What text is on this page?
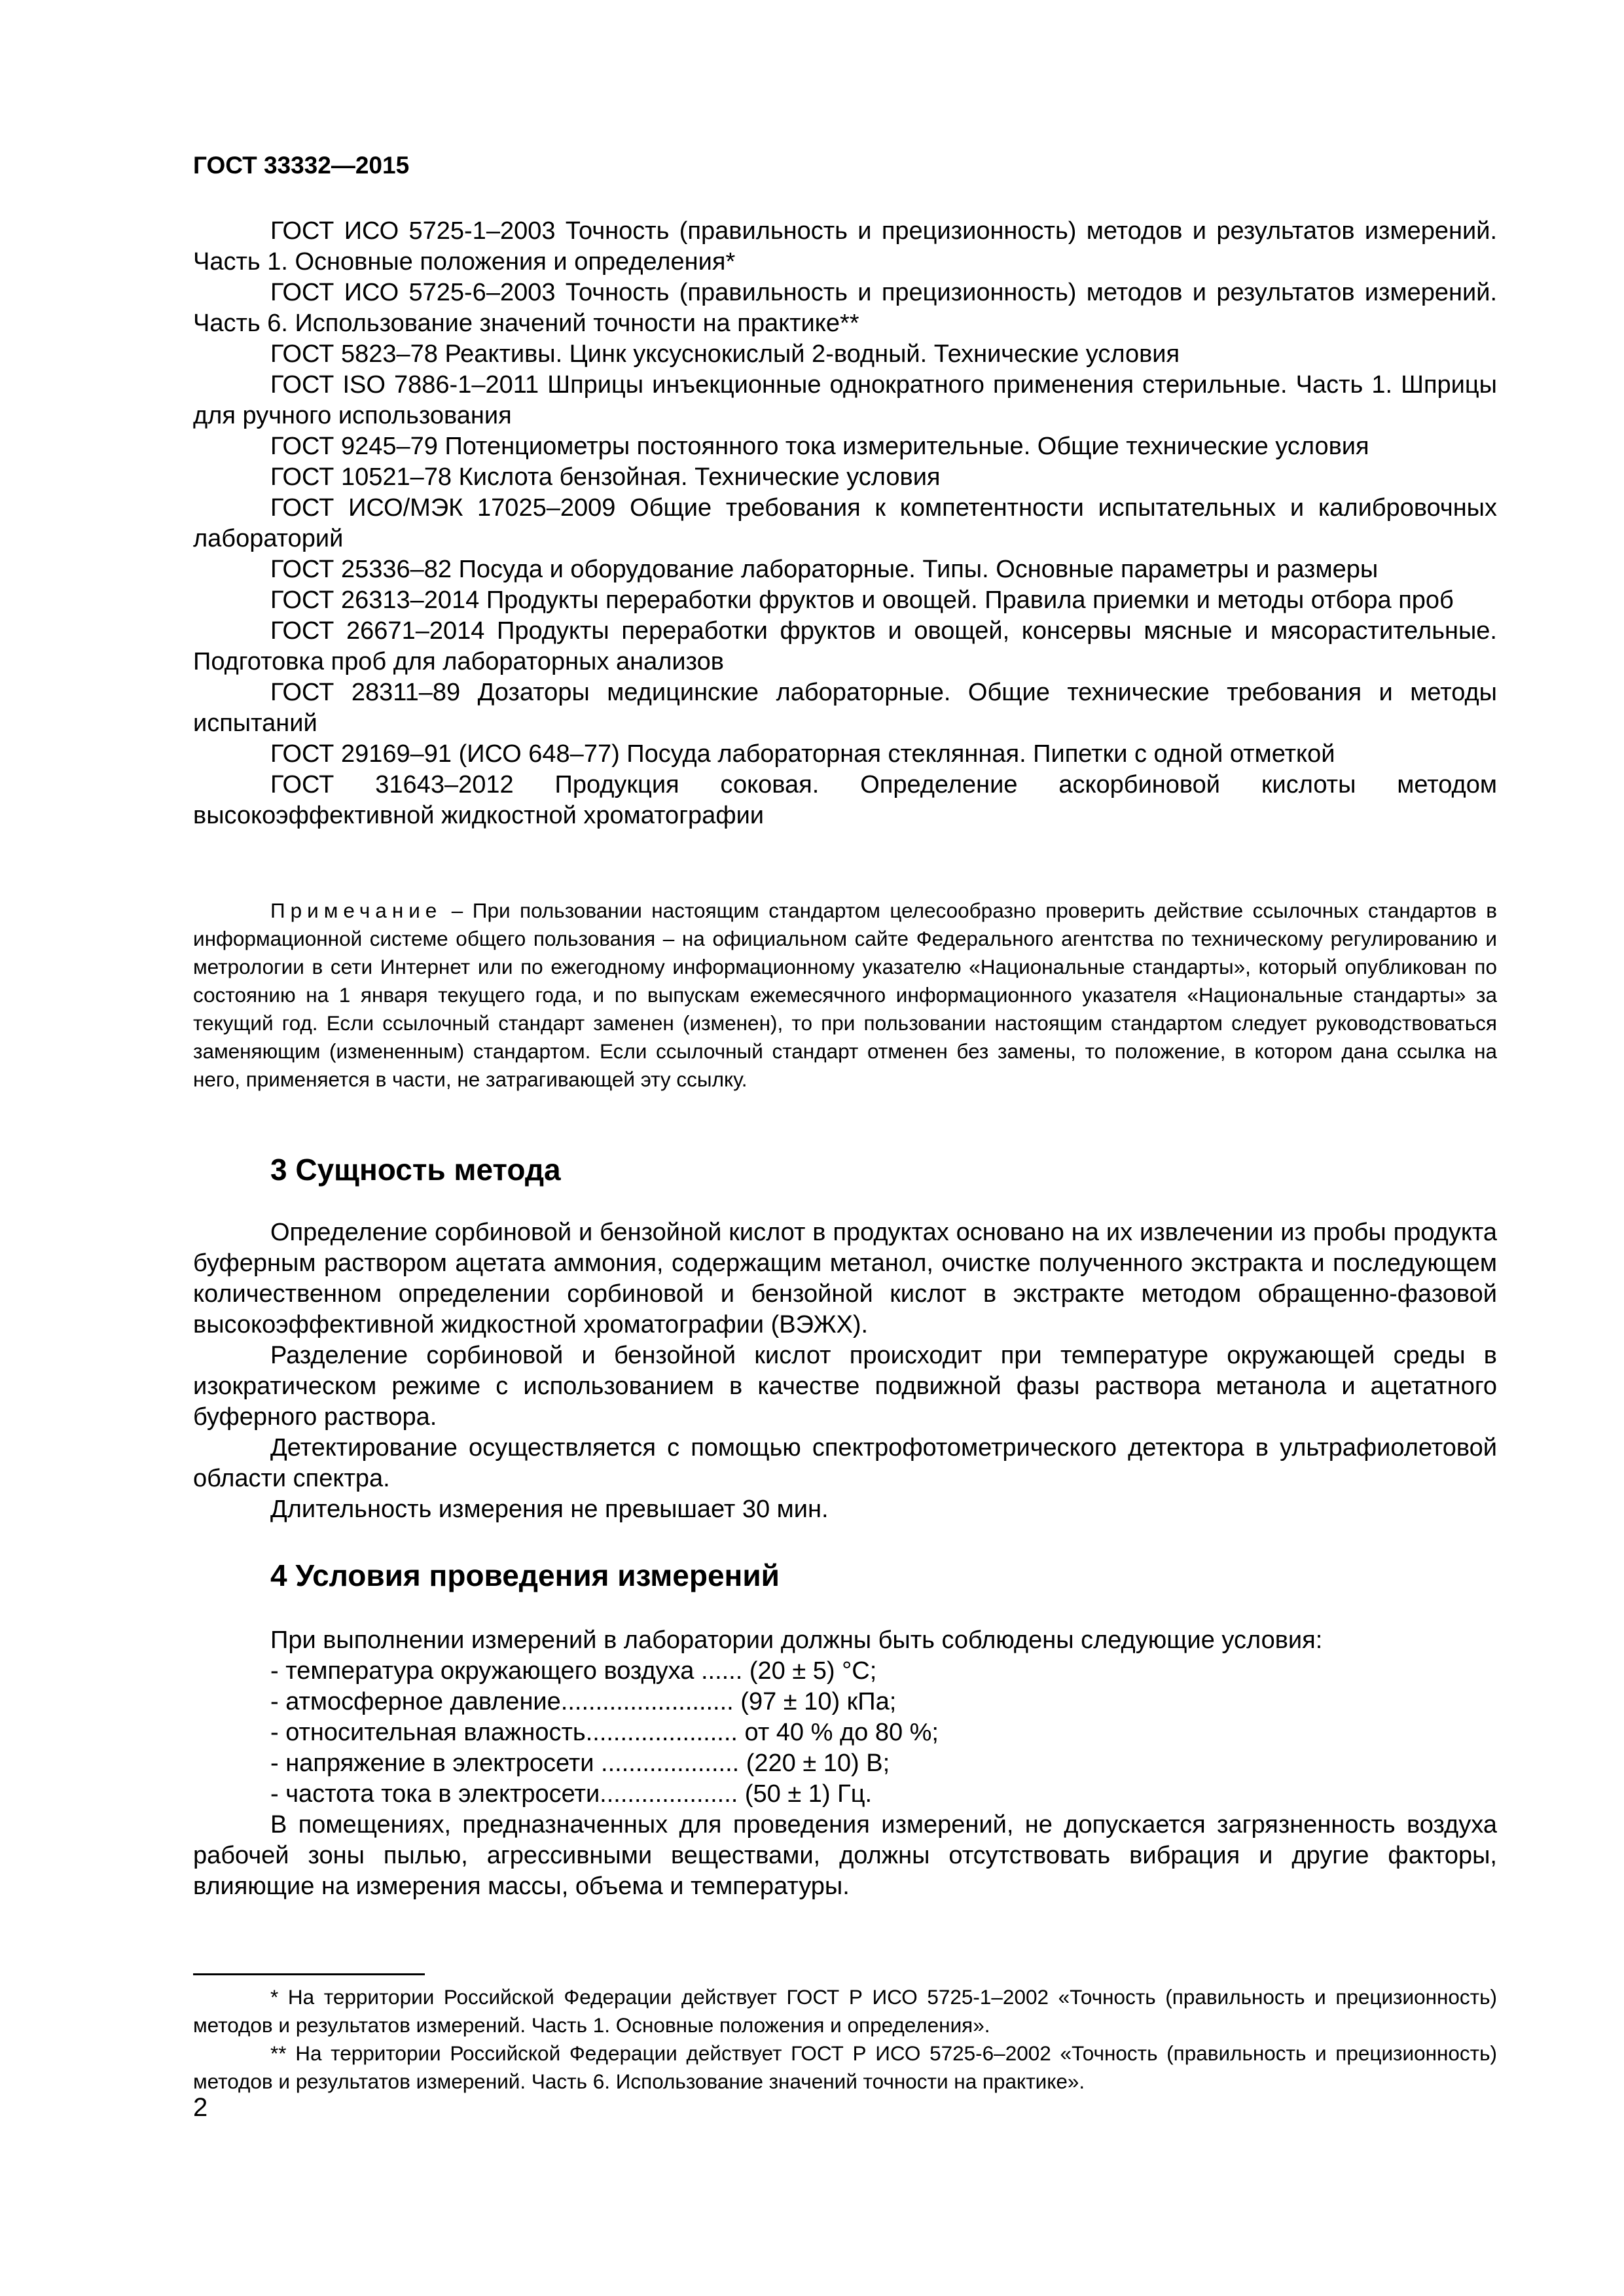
ГОСТ 33332—2015

ГОСТ ИСО 5725-1–2003 Точность (правильность и прецизионность) методов и результатов измерений. Часть 1. Основные положения и определения*

ГОСТ ИСО 5725-6–2003 Точность (правильность и прецизионность) методов и результатов измерений. Часть 6. Использование значений точности на практике**

ГОСТ 5823–78 Реактивы. Цинк уксуснокислый 2-водный. Технические условия

ГОСТ ISO 7886-1–2011 Шприцы инъекционные однократного применения стерильные. Часть 1. Шприцы для ручного использования

ГОСТ 9245–79 Потенциометры постоянного тока измерительные. Общие технические условия

ГОСТ 10521–78 Кислота бензойная. Технические условия

ГОСТ ИСО/МЭК 17025–2009 Общие требования к компетентности испытательных и калибровочных лабораторий

ГОСТ 25336–82 Посуда и оборудование лабораторные. Типы. Основные параметры и размеры

ГОСТ 26313–2014 Продукты переработки фруктов и овощей. Правила приемки и методы отбора проб

ГОСТ 26671–2014 Продукты переработки фруктов и овощей, консервы мясные и мясорастительные. Подготовка проб для лабораторных анализов

ГОСТ 28311–89 Дозаторы медицинские лабораторные. Общие технические требования и методы испытаний

ГОСТ 29169–91 (ИСО 648–77) Посуда лабораторная стеклянная. Пипетки с одной отметкой

ГОСТ 31643–2012 Продукция соковая. Определение аскорбиновой кислоты методом высокоэффективной жидкостной хроматографии

Примечание – При пользовании настоящим стандартом целесообразно проверить действие ссылочных стандартов в информационной системе общего пользования – на официальном сайте Федерального агентства по техническому регулированию и метрологии в сети Интернет или по ежегодному информационному указателю «Национальные стандарты», который опубликован по состоянию на 1 января текущего года, и по выпускам ежемесячного информационного указателя «Национальные стандарты» за текущий год. Если ссылочный стандарт заменен (изменен), то при пользовании настоящим стандартом следует руководствоваться заменяющим (измененным) стандартом. Если ссылочный стандарт отменен без замены, то положение, в котором дана ссылка на него, применяется в части, не затрагивающей эту ссылку.

3 Сущность метода

Определение сорбиновой и бензойной кислот в продуктах основано на их извлечении из пробы продукта буферным раствором ацетата аммония, содержащим метанол, очистке полученного экстракта и последующем количественном определении сорбиновой и бензойной кислот в экстракте методом обращенно-фазовой высокоэффективной жидкостной хроматографии (ВЭЖХ).

Разделение сорбиновой и бензойной кислот происходит при температуре окружающей среды в изократическом режиме с использованием в качестве подвижной фазы раствора метанола и ацетатного буферного раствора.

Детектирование осуществляется с помощью спектрофотометрического детектора в ультрафиолетовой области спектра.

Длительность измерения не превышает 30 мин.

4 Условия проведения измерений

При выполнении измерений в лаборатории должны быть соблюдены следующие условия:

- температура окружающего воздуха ...... (20 ± 5) °С;

- атмосферное давление......................... (97 ± 10) кПа;

- относительная влажность...................... от 40 % до 80 %;

- напряжение в электросети .................... (220 ± 10) В;

- частота тока в электросети.................... (50 ± 1) Гц.

В помещениях, предназначенных для проведения измерений, не допускается загрязненность воздуха рабочей зоны пылью, агрессивными веществами, должны отсутствовать вибрация и другие факторы, влияющие на измерения массы, объема и температуры.

* На территории Российской Федерации действует ГОСТ Р ИСО 5725-1–2002 «Точность (правильность и прецизионность) методов и результатов измерений. Часть 1. Основные положения и определения».

** На территории Российской Федерации действует ГОСТ Р ИСО 5725-6–2002 «Точность (правильность и прецизионность) методов и результатов измерений. Часть 6. Использование значений точности на практике».

2
